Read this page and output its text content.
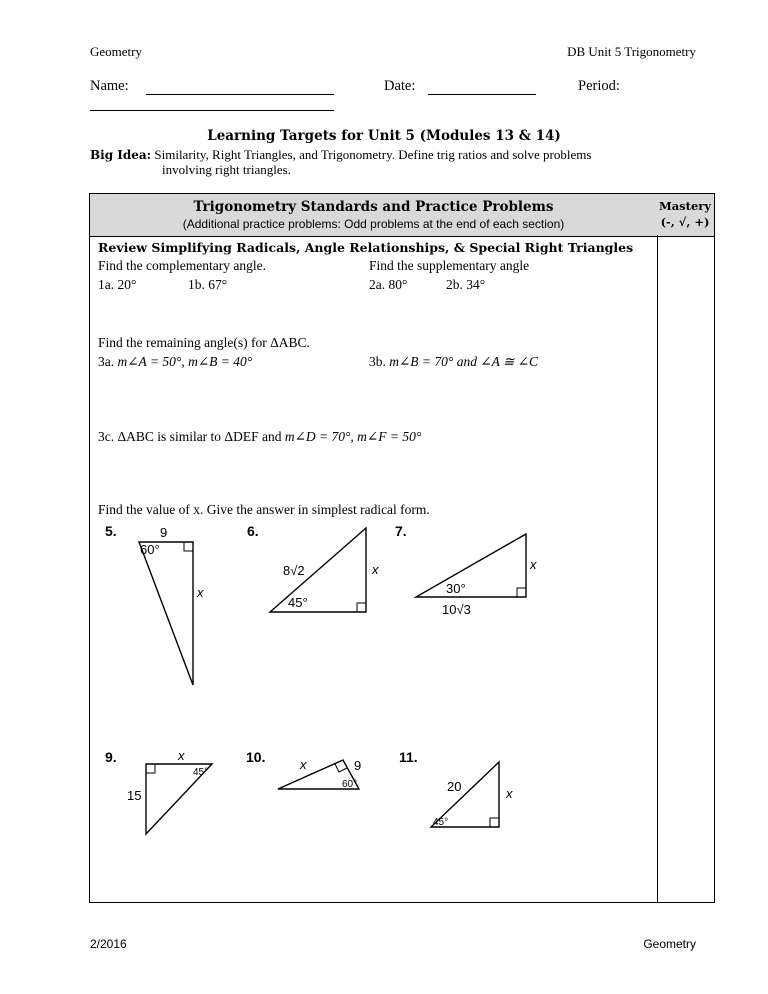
Geometry	DB Unit 5 Trigonometry
Name:	Date:	Period:
Learning Targets for Unit 5 (Modules 13 & 14)
Big Idea: Similarity, Right Triangles, and Trigonometry. Define trig ratios and solve problems
involving right triangles.
Trigonometry Standards and Practice Problems
(Additional practice problems: Odd problems at the end of each section)
Mastery
(-, √, +)
Review Simplifying Radicals, Angle Relationships, & Special Right Triangles
Find the complementary angle.	Find the supplementary angle
1a. 20°	1b. 67°	2a. 80°	2b. 34°
Find the remaining angle(s) for ΔABC.
3a. m∠A = 50°, m∠B = 40°	3b. m∠B = 70° and ∠A ≅ ∠C
3c. ΔABC is similar to ΔDEF and m∠D = 70°, m∠F = 50°
Find the value of x. Give the answer in simplest radical form.
5.	9
60°
x
6.
8√2	x
45°
7.
x
30°
10√3
9.	x
45°
15
10.	x	9
60°
11.
20	x
45°
2/2016	Geometry
